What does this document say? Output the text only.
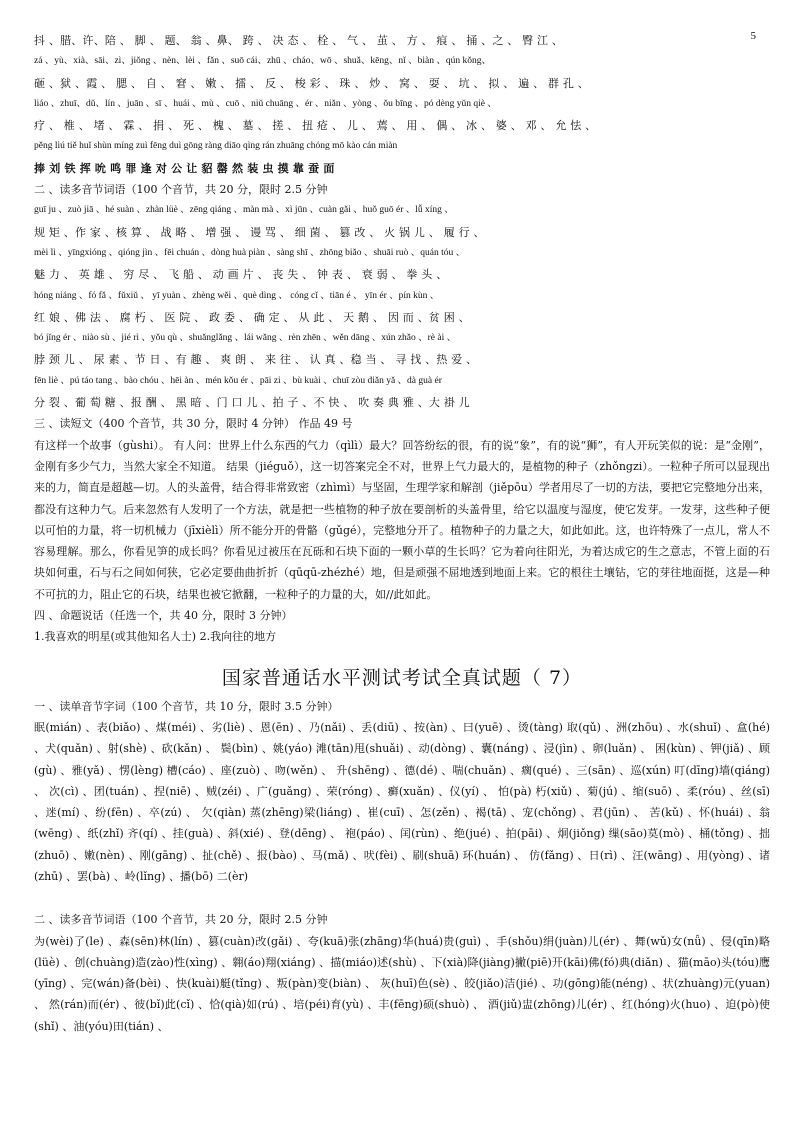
5
抖 、腊、许、陪 、 脚 、 题、 翁 、鼻、 跨 、 决 态 、 栓 、 气 、 茧 、 方 、 痕 、 捅 、之 、 臀 江 、
zá 、yù、xià、sāi、zì、jiǒng 、nèn、lèi 、fǎn 、suō cái、zhū 、cháo、wō 、shuǎ、kēng、nǐ 、biàn 、qún kǒng、
砸 、狱 、霞 、 腮 、 自 、 窘 、 嫩 、 擂 、 反 、 梭 彩 、 珠 、 炒 、 窝 、 耍 、 坑 、 拟 、 遍 、 群 孔 、
liáo 、zhuī、dǔ、lín 、juān 、sī 、huái 、mù 、cuō 、niǔ chuāng 、ér 、niǎn 、yòng 、ǒu bīng 、pó dèng yǔn qiè 、
疗 、 椎 、 堵 、 霖 、 捐 、 死 、 槐 、 墓 、 搓 、 扭 疮 、 儿 、 蔫 、 用 、 偶 、 冰 、 婆 、 邓 、 允 怯 、
pěng liú tiě huǐ shùn míng zuì fēng duì gōng ràng diāo qìng rán zhuāng chóng mō kào cán miàn
捧 刘 铁 挥 吮 鸣 罪 逢 对 公 让 貂 罄 然 装 虫 摸 靠 蚕 面
二 、读多音节词语（100 个音节，共 20 分，限时 2.5 分钟
guī ju 、zuò jiā 、hé suàn 、zhàn lüè 、zēng qiáng 、màn mà 、xì jūn 、cuàn gǎi 、huǒ guō ér 、lǚ xíng 、
规 矩 、作 家 、核 算 、 战 略 、 增 强 、 谩 骂 、 细 菌 、 篡 改 、 火 锅 儿 、 履 行 、
mèi lì 、yīngxióng 、qióng jìn 、fēi chuán 、dòng huà piàn 、sàng shī 、zhōng biǎo 、shuāi ruò 、quán tóu 、
魅 力 、 英 雄 、 穷 尽 、 飞 船 、 动 画 片 、 丧 失 、 钟 表 、 衰 弱 、 拳 头 、
hóng niáng 、fó fǎ 、fǔxiǔ 、 yī yuàn 、zhèng wěi 、què dìng 、 cóng cǐ 、tiān é 、 yīn ér 、pín kùn 、
红 娘 、佛 法 、 腐 朽 、 医 院 、 政 委 、 确 定 、 从 此 、 天 鹅 、 因 而 、贫 困 、
bó jǐng ér 、niào sù 、jié rì 、yǒu qù 、shuǎnglǎng 、lái wǎng 、rèn zhēn 、wěn dāng 、xún zhǎo 、rè ài 、
脖 颈 儿 、 尿 素 、节 日 、有 趣 、 爽 朗 、 来 往 、 认 真 、稳 当 、 寻 找 、热 爱 、
fēn liè 、pú táo tang 、bào chóu 、hēi àn 、mén kǒu ér 、pāi zi 、bù kuài 、chuī zòu diǎn yǎ 、dà guà ér
分 裂 、葡 萄 糖 、报 酬 、 黑 暗 、门 口 儿 、拍 子 、不 快 、 吹 奏 典 雅 、大 褂 儿
三 、读短文（400 个音节，共 30 分，限时 4 分钟） 作品 49 号
有这样一个故事（gùshi）。 有人问：世界上什么东西的气力（qìlì）最大？回答纷纭的很，有的说“象”，有的说“狮”，有人开玩笑似的说：是“金刚”，金刚有多少气力，当然大家全不知道。 结果（jiéguǒ），这一切答案完全不对，世界上气力最大的，是植物的种子（zhǒngzi）。一粒种子所可以显现出来的力，简直是超越—切。人的头盖骨，结合得非常致密（zhìmì）与坚固，生理学家和解剖（jiěpōu）学者用尽了一切的方法，要把它完整地分出来，都没有这种力气。后来忽然有人发明了一个方法，就是把一些植物的种子放在要剖析的头盖骨里，给它以温度与湿度，使它发芽。一发芽，这些种子便以可怕的力量，将一切机械力（jīxièlì）所不能分开的骨骼（gǔgé），完整地分开了。植物种子的力量之大，如此如此。这，也许特殊了一点儿，常人不容易理解。那么，你看见笋的成长吗？你看见过被压在瓦砾和石块下面的一颗小草的生长吗？它为着向往阳光，为着达成它的生之意志，不管上面的石块如何重，石与石之间如何狭，它必定要曲曲折折（qūqū-zhézhé）地，但是顽强不屈地透到地面上来。它的根往土壤钻，它的芽往地面挺，这是—种不可抗的力，阻止它的石块，结果也被它掀翻，一粒种子的力量的大，如//此如此。
四 、命题说话（任选一个，共 40 分，限时 3 分钟）
1.我喜欢的明星(或其他知名人士) 2.我向往的地方
国家普通话水平测试考试全真试题（ 7）
一 、读单音节字词（100 个音节，共 10 分，限时 3.5 分钟）
眠(mián) 、表(biǎo) 、煤(méi) 、劣(liè) 、恩(ēn) 、乃(nǎi) 、丢(diū) 、按(àn) 、曰(yuē) 、烫(tàng) 取(qǔ) 、洲(zhōu) 、水(shuǐ) 、盒(hé) 、犬(quǎn) 、射(shè) 、砍(kǎn) 、 鬓(bìn) 、姚(yáo) 滩(tān)甩(shuǎi) 、动(dòng) 、囊(náng) 、浸(jìn) 、卵(luǎn) 、 困(kùn) 、钾(jiǎ) 、顾(gù) 、雅(yǎ) 、愣(lèng) 槽(cáo) 、座(zuò) 、吻(wěn) 、 升(shēng) 、德(dé) 、喘(chuǎn) 、瘸(qué) 、三(sān) 、巡(xún) 叮(dīng)墙(qiáng) 、 次(cì) 、团(tuán) 、捏(niē) 、贼(zéi) 、广(guǎng) 、荣(róng) 、癣(xuǎn) 、仪(yí) 、 怕(pà) 朽(xiǔ) 、菊(jú) 、缩(suō) 、柔(róu) 、丝(sī) 、迷(mí) 、纷(fēn) 、卒(zú) 、 欠(qiàn) 蒸(zhēng)梁(liáng) 、崔(cuī) 、怎(zěn) 、褐(tā) 、宠(chǒng) 、君(jūn) 、 苦(kǔ) 、怀(huái) 、翁(wēng) 、纸(zhǐ) 齐(qí) 、挂(guà) 、斜(xié) 、登(dēng) 、 袍(páo) 、闰(rùn) 、绝(jué) 、拍(pāi) 、炯(jiǒng) 缫(sāo)莫(mò) 、桶(tǒng) 、拙(zhuō) 、嫩(nèn) 、刚(gāng) 、扯(chě) 、报(bào) 、马(mǎ) 、吠(fèi) 、刷(shuā) 环(huán) 、 仿(fǎng) 、日(rì) 、汪(wāng) 、用(yòng) 、诸(zhū) 、罢(bà) 、岭(lǐng) 、播(bō) 二(èr)
二 、读多音节词语（100 个音节，共 20 分，限时 2.5 分钟
为(wèi)了(le) 、森(sēn)林(lín) 、篡(cuàn)改(gǎi) 、夸(kuā)张(zhāng)华(huá)贵(guì) 、手(shǒu)绢(juàn)儿(ér) 、舞(wǔ)女(nǚ) 、侵(qīn)略(lüè) 、创(chuàng)造(zào)性(xìng) 、翱(áo)翔(xiáng) 、描(miáo)述(shù) 、下(xià)降(jiàng)撇(piē)开(kāi)佛(fó)典(diǎn) 、猫(māo)头(tóu)鹰(yīng) 、完(wán)备(bèi) 、快(kuài)艇(tǐng) 、叛(pàn)变(biàn) 、 灰(huī)色(sè) 、皎(jiǎo)洁(jié) 、功(gōng)能(néng) 、状(zhuàng)元(yuan) 、 然(rán)而(ér) 、彼(bǐ)此(cǐ) 、恰(qià)如(rú) 、培(péi)育(yù) 、丰(fēng)硕(shuò) 、 酒(jiǔ)盅(zhōng)儿(ér) 、红(hóng)火(huo) 、迫(pò)使(shǐ) 、油(yóu)田(tián) 、
